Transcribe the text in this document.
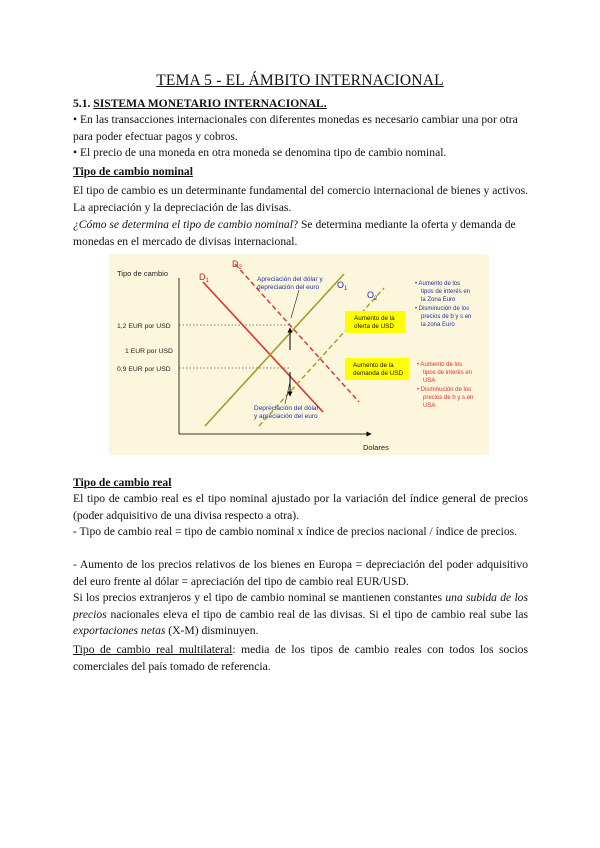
TEMA 5 - EL ÁMBITO INTERNACIONAL
5.1. SISTEMA MONETARIO INTERNACIONAL.
• En las transacciones internacionales con diferentes monedas es necesario cambiar una por otra para poder efectuar pagos y cobros.
• El precio de una moneda en otra moneda se denomina tipo de cambio nominal.
Tipo de cambio nominal
El tipo de cambio es un determinante fundamental del comercio internacional de bienes y activos. La apreciación y la depreciación de las divisas.
¿Cómo se determina el tipo de cambio nominal? Se determina mediante la oferta y demanda de monedas en el mercado de divisas internacional.
Tipo de cambio
Dolares
1,2 EUR por USD
1 EUR por USD
0,9 EUR por USD
$D_1$
$D_2$
$O_1$
$O_2$
Apreciación del dólar y depreciación del euro
Depreciación del dólar y apreciación del euro
Aumento de la oferta de USD
Aumento de la demanda de USD
• Aumento de los tipos de interés en la Zona Euro • Disminución de los precios de b y s en la zona Euro
• Aumento de los tipos de interés en USA • Disminución de los precios de b y s en USA
Tipo de cambio real
El tipo de cambio real es el tipo nominal ajustado por la variación del índice general de precios (poder adquisitivo de una divisa respecto a otra).
- Tipo de cambio real = tipo de cambio nominal x índice de precios nacional / índice de precios.
- Aumento de los precios relativos de los bienes en Europa = depreciación del poder adquisitivo del euro frente al dólar = apreciación del tipo de cambio real EUR/USD.
Si los precios extranjeros y el tipo de cambio nominal se mantienen constantes una subida de los precios nacionales eleva el tipo de cambio real de las divisas. Si el tipo de cambio real sube las exportaciones netas (X-M) disminuyen.
Tipo de cambio real multilateral: media de los tipos de cambio reales con todos los socios comerciales del país tomado de referencia.
